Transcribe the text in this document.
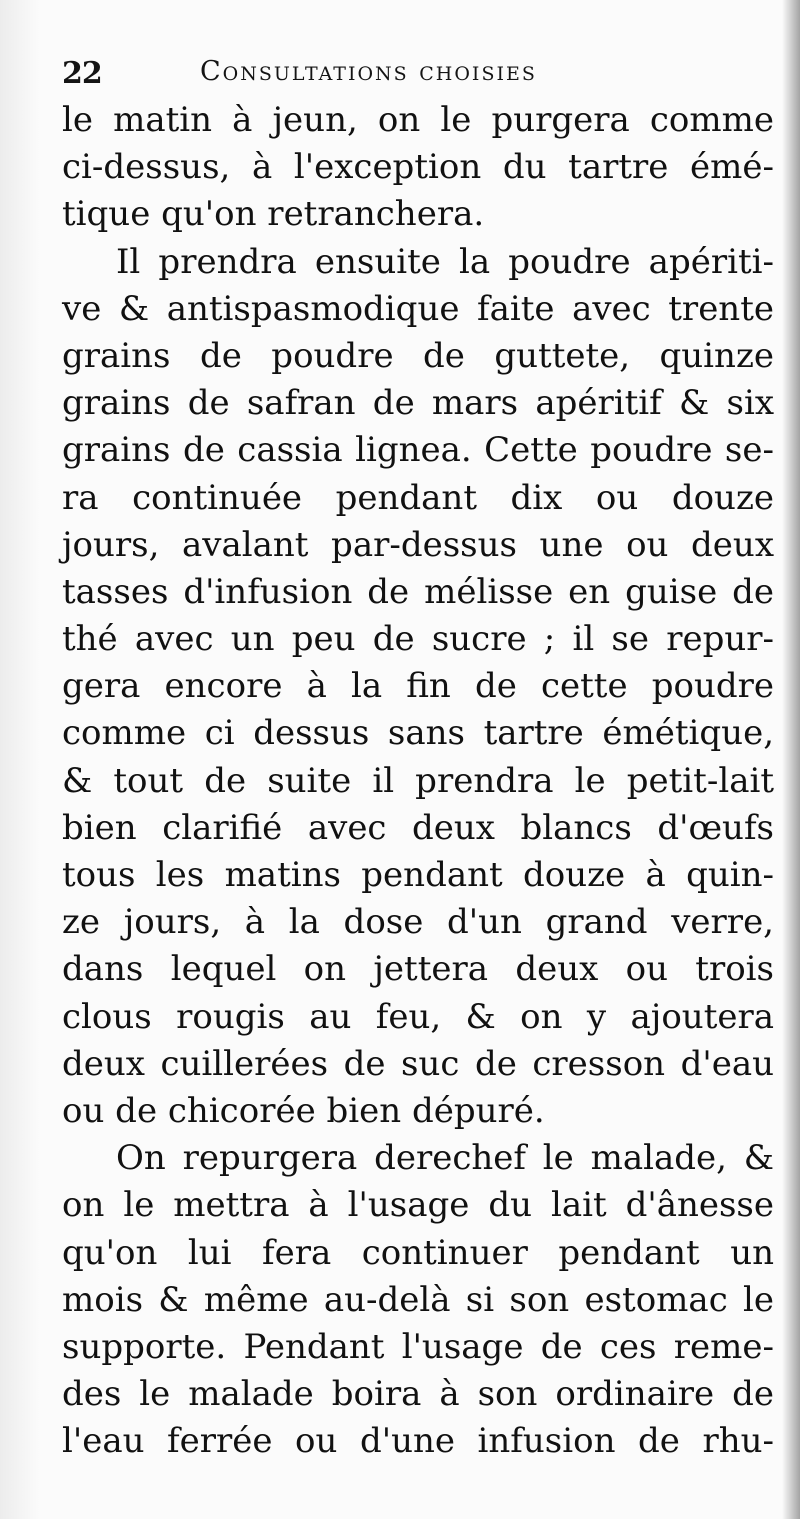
22	Consultations choisies
le matin à jeun, on le purgera comme
ci-dessus, à l'exception du tartre émé-
tique qu'on retranchera.
Il prendra ensuite la poudre apériti-
ve & antispasmodique faite avec trente
grains de poudre de guttete, quinze
grains de safran de mars apéritif & six
grains de cassia lignea. Cette poudre se-
ra continuée pendant dix ou douze
jours, avalant par-dessus une ou deux
tasses d'infusion de mélisse en guise de
thé avec un peu de sucre ; il se repur-
gera encore à la fin de cette poudre
comme ci dessus sans tartre émétique,
& tout de suite il prendra le petit-lait
bien clarifié avec deux blancs d'œufs
tous les matins pendant douze à quin-
ze jours, à la dose d'un grand verre,
dans lequel on jettera deux ou trois
clous rougis au feu, & on y ajoutera
deux cuillerées de suc de cresson d'eau
ou de chicorée bien dépuré.
On repurgera derechef le malade, &
on le mettra à l'usage du lait d'ânesse
qu'on lui fera continuer pendant un
mois & même au-delà si son estomac le
supporte. Pendant l'usage de ces reme-
des le malade boira à son ordinaire de
l'eau ferrée ou d'une infusion de rhu-
